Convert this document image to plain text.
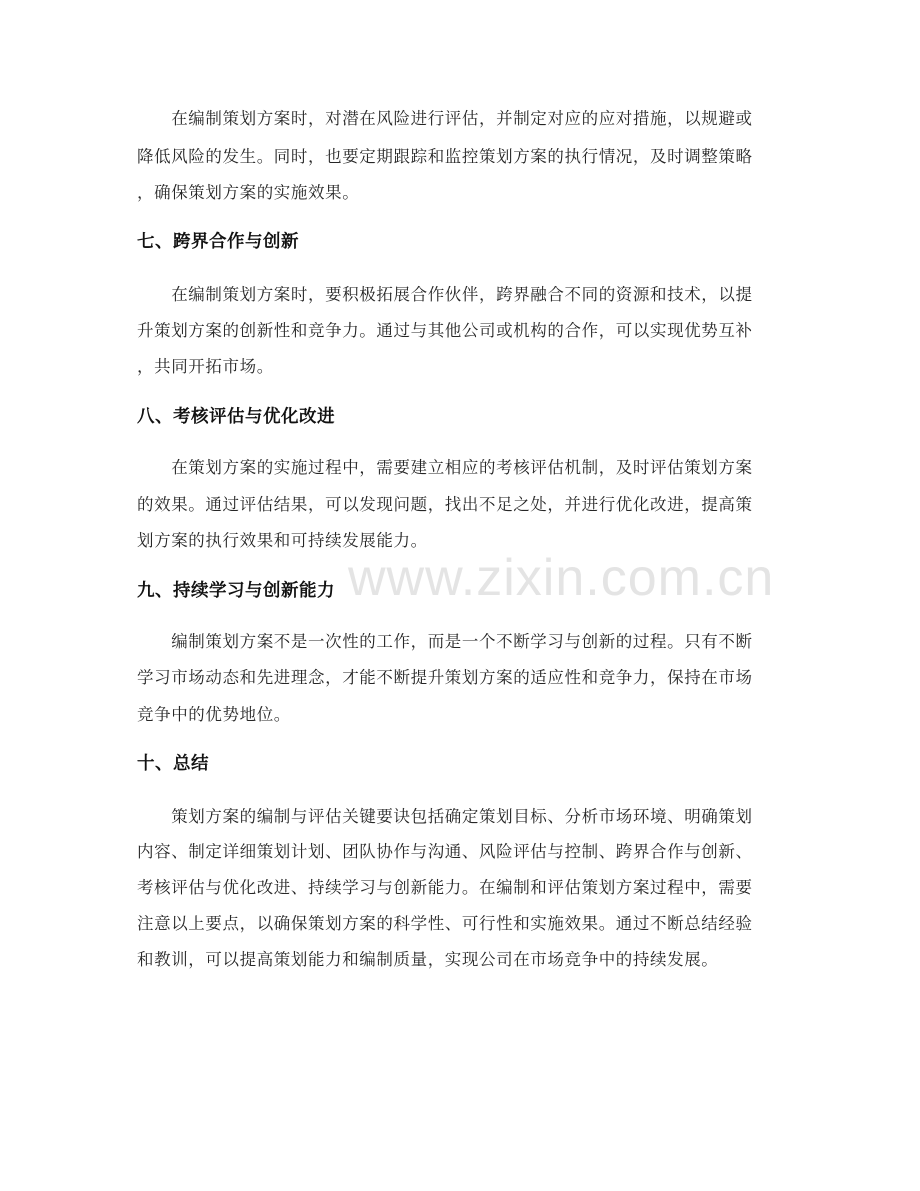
　　在编制策划方案时，对潜在风险进行评估，并制定对应的应对措施，以规避或
降低风险的发生。同时，也要定期跟踪和监控策划方案的执行情况，及时调整策略
，确保策划方案的实施效果。
七、跨界合作与创新
　　在编制策划方案时，要积极拓展合作伙伴，跨界融合不同的资源和技术，以提
升策划方案的创新性和竞争力。通过与其他公司或机构的合作，可以实现优势互补
，共同开拓市场。
八、考核评估与优化改进
　　在策划方案的实施过程中，需要建立相应的考核评估机制，及时评估策划方案
的效果。通过评估结果，可以发现问题，找出不足之处，并进行优化改进，提高策
划方案的执行效果和可持续发展能力。
九、持续学习与创新能力
　　编制策划方案不是一次性的工作，而是一个不断学习与创新的过程。只有不断
学习市场动态和先进理念，才能不断提升策划方案的适应性和竞争力，保持在市场
竞争中的优势地位。
十、总结
　　策划方案的编制与评估关键要诀包括确定策划目标、分析市场环境、明确策划
内容、制定详细策划计划、团队协作与沟通、风险评估与控制、跨界合作与创新、
考核评估与优化改进、持续学习与创新能力。在编制和评估策划方案过程中，需要
注意以上要点，以确保策划方案的科学性、可行性和实施效果。通过不断总结经验
和教训，可以提高策划能力和编制质量，实现公司在市场竞争中的持续发展。
www.zixin.com.cn
